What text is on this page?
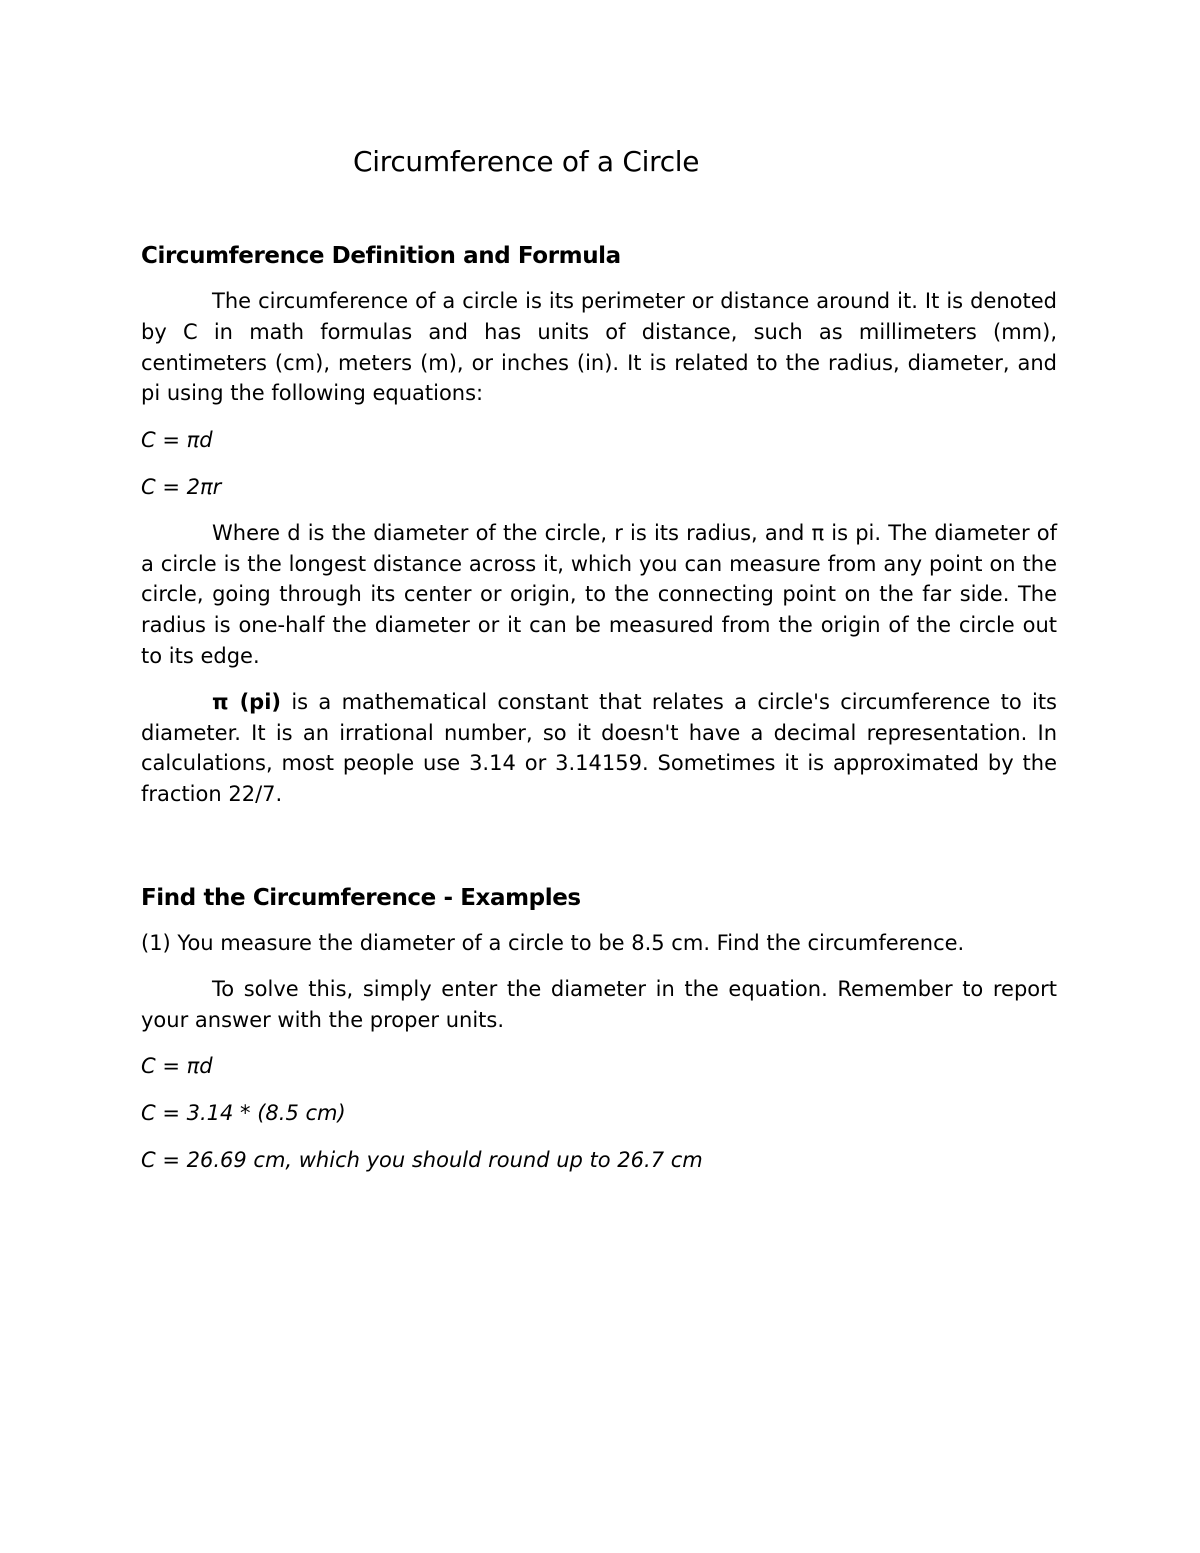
Circumference of a Circle
Circumference Definition and Formula

The circumference of a circle is its perimeter or distance around it. It is denoted by C in math formulas and has units of distance, such as millimeters (mm), centimeters (cm), meters (m), or inches (in). It is related to the radius, diameter, and pi using the following equations:

C = πd

C = 2πr

Where d is the diameter of the circle, r is its radius, and π is pi. The diameter of a circle is the longest distance across it, which you can measure from any point on the circle, going through its center or origin, to the connecting point on the far side. The radius is one-half the diameter or it can be measured from the origin of the circle out to its edge.

π (pi) is a mathematical constant that relates a circle's circumference to its diameter. It is an irrational number, so it doesn't have a decimal representation. In calculations, most people use 3.14 or 3.14159. Sometimes it is approximated by the fraction 22/7.

Find the Circumference - Examples

(1) You measure the diameter of a circle to be 8.5 cm. Find the circumference.

To solve this, simply enter the diameter in the equation. Remember to report your answer with the proper units.

C = πd

C = 3.14 * (8.5 cm)

C = 26.69 cm, which you should round up to 26.7 cm
